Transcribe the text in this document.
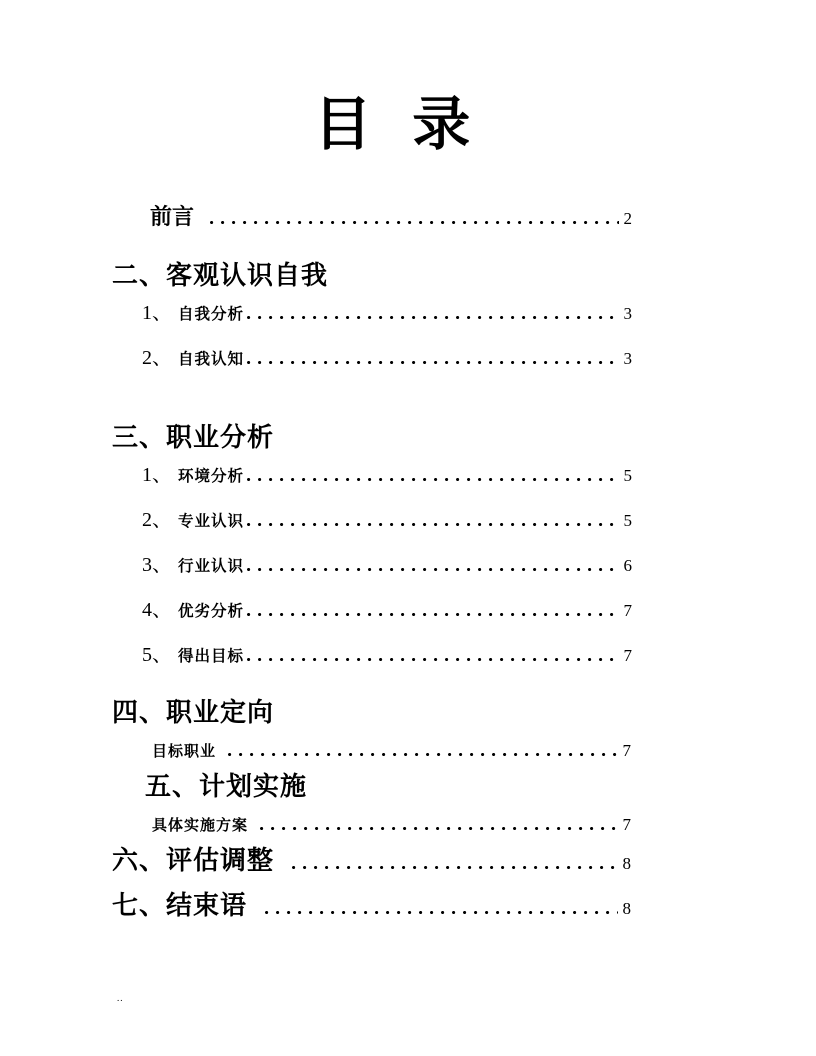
目 录
前言	2
二、客观认识自我
1、 自我分析	3
2、 自我认知	3
三、职业分析
1、 环境分析	5
2、 专业认识	5
3、 行业认识	6
4、 优劣分析	7
5、 得出目标	7
四、职业定向
目标职业	7
五、计划实施
具体实施方案	7
六、评估调整	8
七、结束语	8
..
